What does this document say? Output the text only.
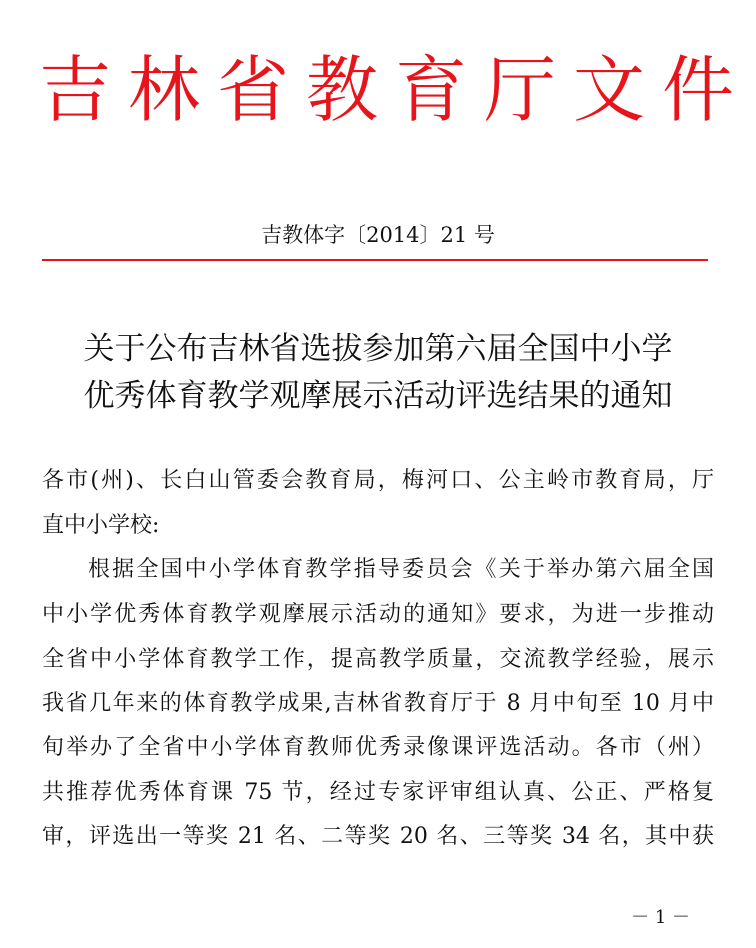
吉林省教育厅文件
吉教体字〔2014〕21 号
关于公布吉林省选拔参加第六届全国中小学
优秀体育教学观摩展示活动评选结果的通知
各市(州)、长白山管委会教育局，梅河口、公主岭市教育局，厅
直中小学校:
根据全国中小学体育教学指导委员会《关于举办第六届全国
中小学优秀体育教学观摩展示活动的通知》要求，为进一步推动
全省中小学体育教学工作，提高教学质量，交流教学经验，展示
我省几年来的体育教学成果,吉林省教育厅于 8 月中旬至 10 月中
旬举办了全省中小学体育教师优秀录像课评选活动。各市（州）
共推荐优秀体育课 75 节，经过专家评审组认真、公正、严格复
审，评选出一等奖 21 名、二等奖 20 名、三等奖 34 名，其中获
－ 1 －
